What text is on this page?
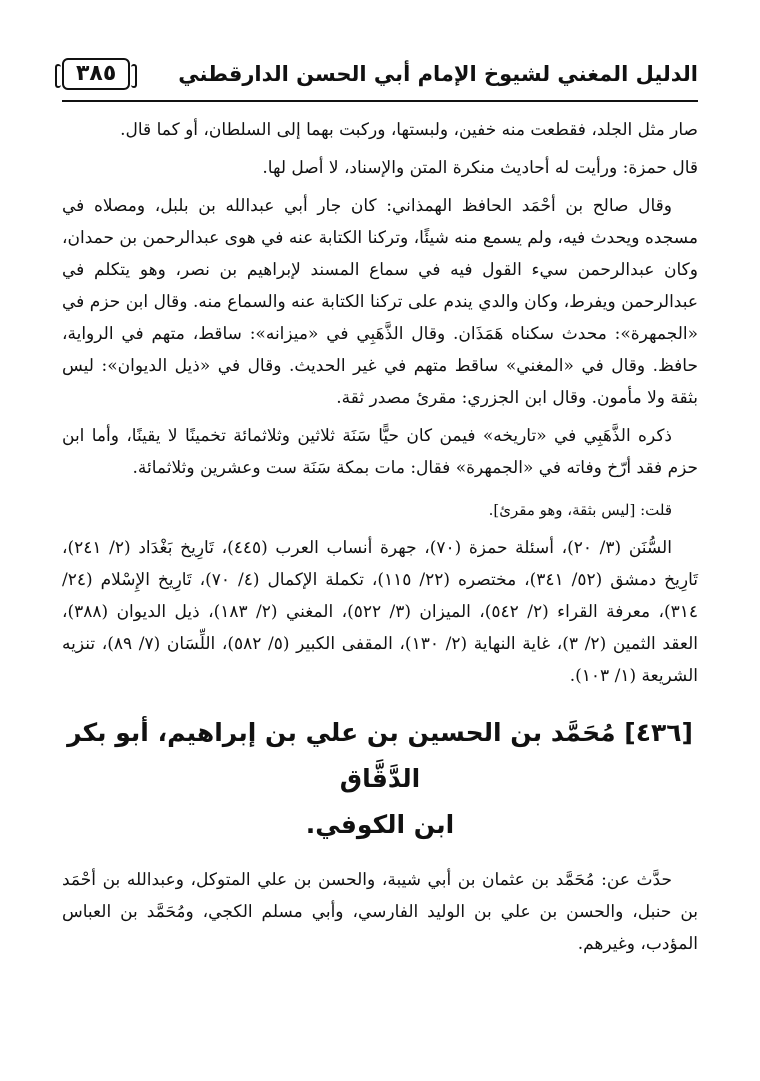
الدليل المغني لشيوخ الإمام أبي الحسن الدارقطني
٣٨٥

صار مثل الجلد، فقطعت منه خفين، ولبستها، وركبت بهما إلى السلطان، أو كما قال.

قال حمزة: ورأيت له أحاديث منكرة المتن والإسناد، لا أصل لها.

وقال صالح بن أحْمَد الحافظ الهمذاني: كان جار أبي عبدالله بن بلبل، ومصلاه في مسجده ويحدث فيه، ولم يسمع منه شيئًا، وتركنا الكتابة عنه في هوى عبدالرحمن بن حمدان، وكان عبدالرحمن سيء القول فيه في سماع المسند لإبراهيم بن نصر، وهو يتكلم في عبدالرحمن ويفرط، وكان والدي يندم على تركنا الكتابة عنه والسماع منه. وقال ابن حزم في «الجمهرة»: محدث سكناه هَمَذَان. وقال الذَّهَبِي في «ميزانه»: ساقط، متهم في الرواية، حافظ. وقال في «المغني» ساقط متهم في غير الحديث. وقال في «ذيل الديوان»: ليس بثقة ولا مأمون. وقال ابن الجزري: مقرئ مصدر ثقة.

ذكره الذَّهَبِي في «تاريخه» فيمن كان حيًّا سَنَة ثلاثين وثلاثمائة تخمينًا لا يقينًا، وأما ابن حزم فقد أرّخ وفاته في «الجمهرة» فقال: مات بمكة سَنَة ست وعشرين وثلاثمائة.

قلت: [ليس بثقة، وهو مقرئ].

السُّنَن (٣/ ٢٠)، أسئلة حمزة (٧٠)، جهرة أنساب العرب (٤٤٥)، تَارِيخ بَغْدَاد (٢/ ٢٤١)، تَارِيخ دمشق (٥٢/ ٣٤١)، مختصره (٢٢/ ١١٥)، تكملة الإكمال (٤/ ٧٠)، تَارِيخ الإِسْلام (٢٤/ ٣١٤)، معرفة القراء (٢/ ٥٤٢)، الميزان (٣/ ٥٢٢)، المغني (٢/ ١٨٣)، ذيل الديوان (٣٨٨)، العقد الثمين (٢/ ٣)، غاية النهاية (٢/ ١٣٠)، المقفى الكبير (٥/ ٥٨٢)، اللِّسَان (٧/ ٨٩)، تنزيه الشريعة (١/ ١٠٣).

[٤٣٦] مُحَمَّد بن الحسين بن علي بن إبراهيم، أبو بكر الدَّقَّاق
ابن الكوفي.

حدَّث عن: مُحَمَّد بن عثمان بن أبي شيبة، والحسن بن علي المتوكل، وعبدالله بن أحْمَد بن حنبل، والحسن بن علي بن الوليد الفارسي، وأبي مسلم الكجي، ومُحَمَّد بن العباس المؤدب، وغيرهم.
